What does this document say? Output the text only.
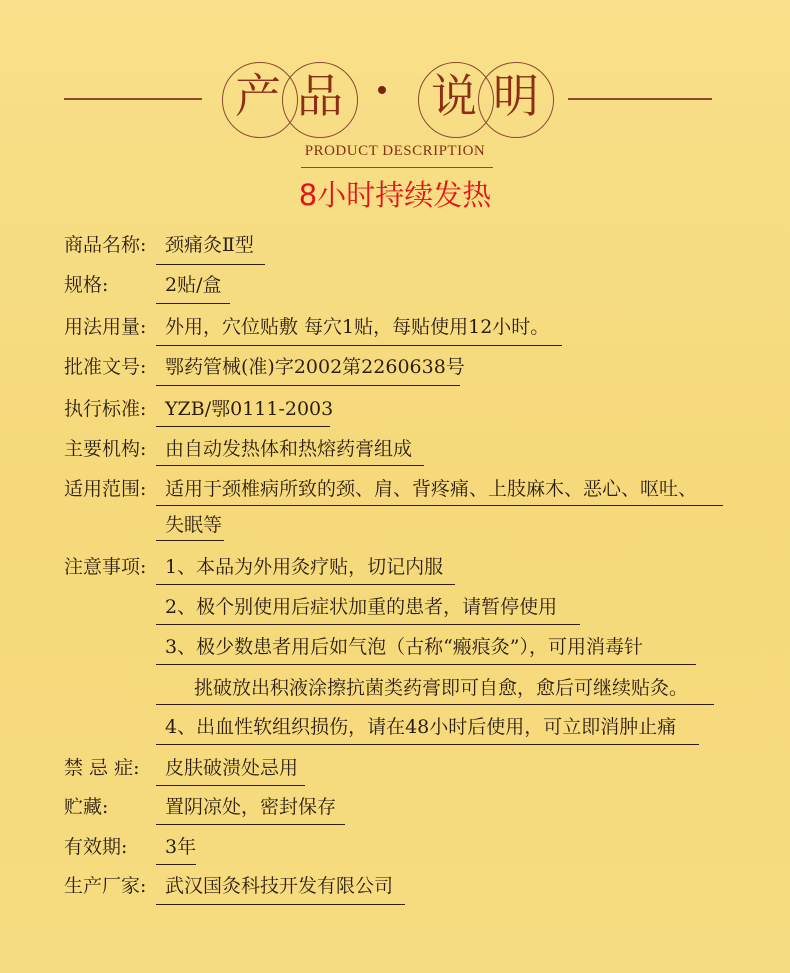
产 品 说 明
PRODUCT DESCRIPTION
8小时持续发热
商品名称: 颈痛灸Ⅱ型
规格:	2贴/盒
用法用量: 外用，穴位贴敷 每穴1贴，每贴使用12小时。
批准文号: 鄂药管械(准)字2002第2260638号
执行标准: YZB/鄂0111-2003
主要机构: 由自动发热体和热熔药膏组成
适用范围: 适用于颈椎病所致的颈、肩、背疼痛、上肢麻木、恶心、呕吐、
失眠等
注意事项: 1、本品为外用灸疗贴，切记内服
2、极个别使用后症状加重的患者，请暂停使用
3、极少数患者用后如气泡（古称“瘢痕灸”），可用消毒针
挑破放出积液涂擦抗菌类药膏即可自愈，愈后可继续贴灸。
4、出血性软组织损伤，请在48小时后使用，可立即消肿止痛
禁 忌 症: 皮肤破溃处忌用
贮藏:	置阴凉处，密封保存
有效期: 3年
生产厂家: 武汉国灸科技开发有限公司
